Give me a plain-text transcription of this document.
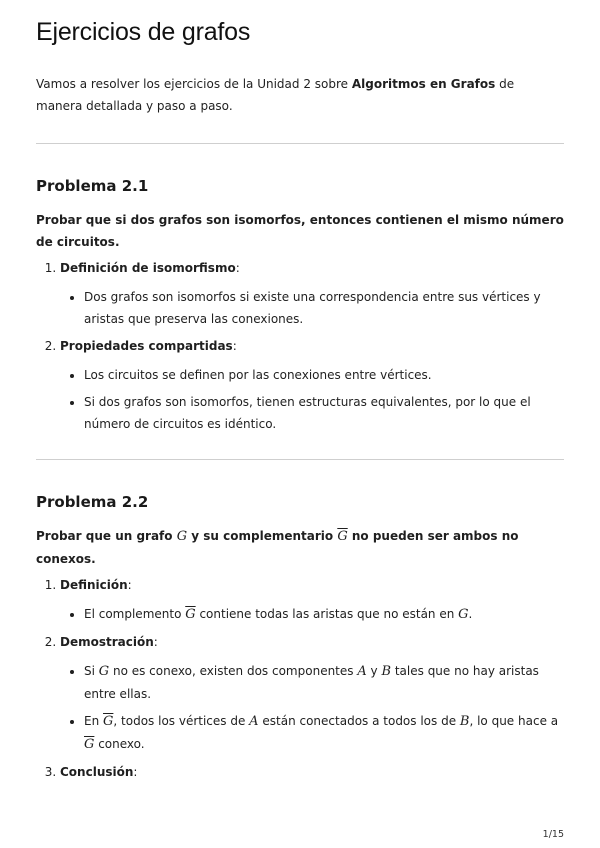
Ejercicios de grafos

Vamos a resolver los ejercicios de la Unidad 2 sobre Algoritmos en Grafos de manera detallada y paso a paso.

Problema 2.1

Probar que si dos grafos son isomorfos, entonces contienen el mismo número de circuitos.

1. Definición de isomorfismo:
• Dos grafos son isomorfos si existe una correspondencia entre sus vértices y aristas que preserva las conexiones.
2. Propiedades compartidas:
• Los circuitos se definen por las conexiones entre vértices.
• Si dos grafos son isomorfos, tienen estructuras equivalentes, por lo que el número de circuitos es idéntico.
Problema 2.2

Probar que un grafo G y su complementario $\overline{G}$ no pueden ser ambos no conexos.

1. Definición:
• El complemento $\overline{G}$ contiene todas las aristas que no están en G.
2. Demostración:
• Si G no es conexo, existen dos componentes A y B tales que no hay aristas entre ellas.
• En $\overline{G}$, todos los vértices de A están conectados a todos los de B, lo que hace a $\overline{G}$ conexo.
3. Conclusión:
1/15
